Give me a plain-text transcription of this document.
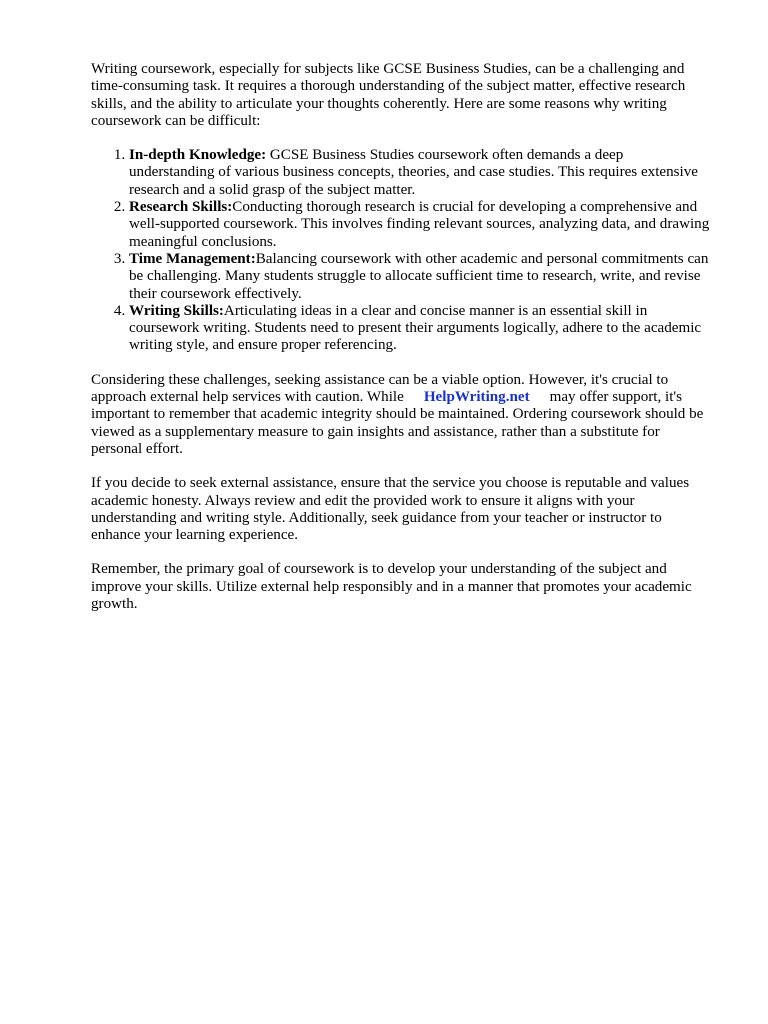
Writing coursework, especially for subjects like GCSE Business Studies, can be a challenging and time-consuming task. It requires a thorough understanding of the subject matter, effective research skills, and the ability to articulate your thoughts coherently. Here are some reasons why writing coursework can be difficult:

1. In-depth Knowledge: GCSE Business Studies coursework often demands a deep understanding of various business concepts, theories, and case studies. This requires extensive research and a solid grasp of the subject matter.
2. Research Skills:Conducting thorough research is crucial for developing a comprehensive and well-supported coursework. This involves finding relevant sources, analyzing data, and drawing meaningful conclusions.
3. Time Management:Balancing coursework with other academic and personal commitments can be challenging. Many students struggle to allocate sufficient time to research, write, and revise their coursework effectively.
4. Writing Skills:Articulating ideas in a clear and concise manner is an essential skill in coursework writing. Students need to present their arguments logically, adhere to the academic writing style, and ensure proper referencing.

Considering these challenges, seeking assistance can be a viable option. However, it's crucial to approach external help services with caution. While HelpWriting.net may offer support, it's important to remember that academic integrity should be maintained. Ordering coursework should be viewed as a supplementary measure to gain insights and assistance, rather than a substitute for personal effort.

If you decide to seek external assistance, ensure that the service you choose is reputable and values academic honesty. Always review and edit the provided work to ensure it aligns with your understanding and writing style. Additionally, seek guidance from your teacher or instructor to enhance your learning experience.

Remember, the primary goal of coursework is to develop your understanding of the subject and improve your skills. Utilize external help responsibly and in a manner that promotes your academic growth.
